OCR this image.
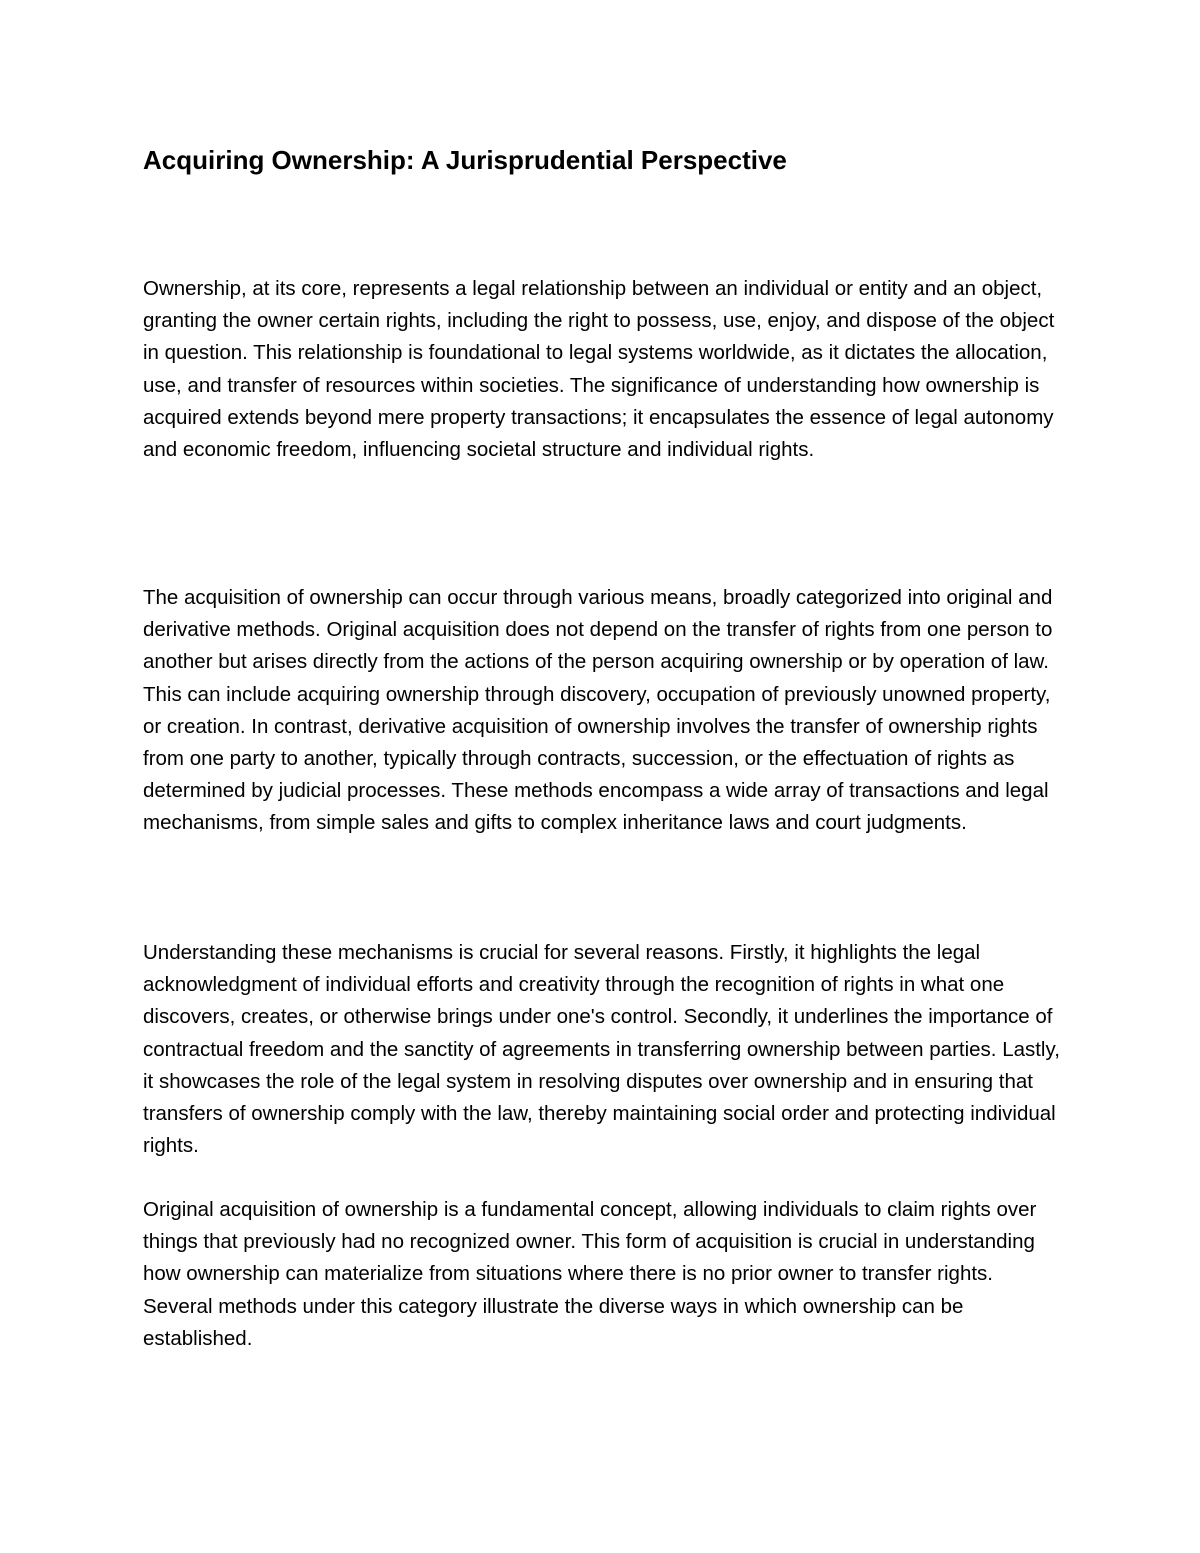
Acquiring Ownership: A Jurisprudential Perspective

Ownership, at its core, represents a legal relationship between an individual or entity and an object, granting the owner certain rights, including the right to possess, use, enjoy, and dispose of the object in question. This relationship is foundational to legal systems worldwide, as it dictates the allocation, use, and transfer of resources within societies. The significance of understanding how ownership is acquired extends beyond mere property transactions; it encapsulates the essence of legal autonomy and economic freedom, influencing societal structure and individual rights.

The acquisition of ownership can occur through various means, broadly categorized into original and derivative methods. Original acquisition does not depend on the transfer of rights from one person to another but arises directly from the actions of the person acquiring ownership or by operation of law. This can include acquiring ownership through discovery, occupation of previously unowned property, or creation. In contrast, derivative acquisition of ownership involves the transfer of ownership rights from one party to another, typically through contracts, succession, or the effectuation of rights as determined by judicial processes. These methods encompass a wide array of transactions and legal mechanisms, from simple sales and gifts to complex inheritance laws and court judgments.

Understanding these mechanisms is crucial for several reasons. Firstly, it highlights the legal acknowledgment of individual efforts and creativity through the recognition of rights in what one discovers, creates, or otherwise brings under one's control. Secondly, it underlines the importance of contractual freedom and the sanctity of agreements in transferring ownership between parties. Lastly, it showcases the role of the legal system in resolving disputes over ownership and in ensuring that transfers of ownership comply with the law, thereby maintaining social order and protecting individual rights.

Original acquisition of ownership is a fundamental concept, allowing individuals to claim rights over things that previously had no recognized owner. This form of acquisition is crucial in understanding how ownership can materialize from situations where there is no prior owner to transfer rights. Several methods under this category illustrate the diverse ways in which ownership can be established.
